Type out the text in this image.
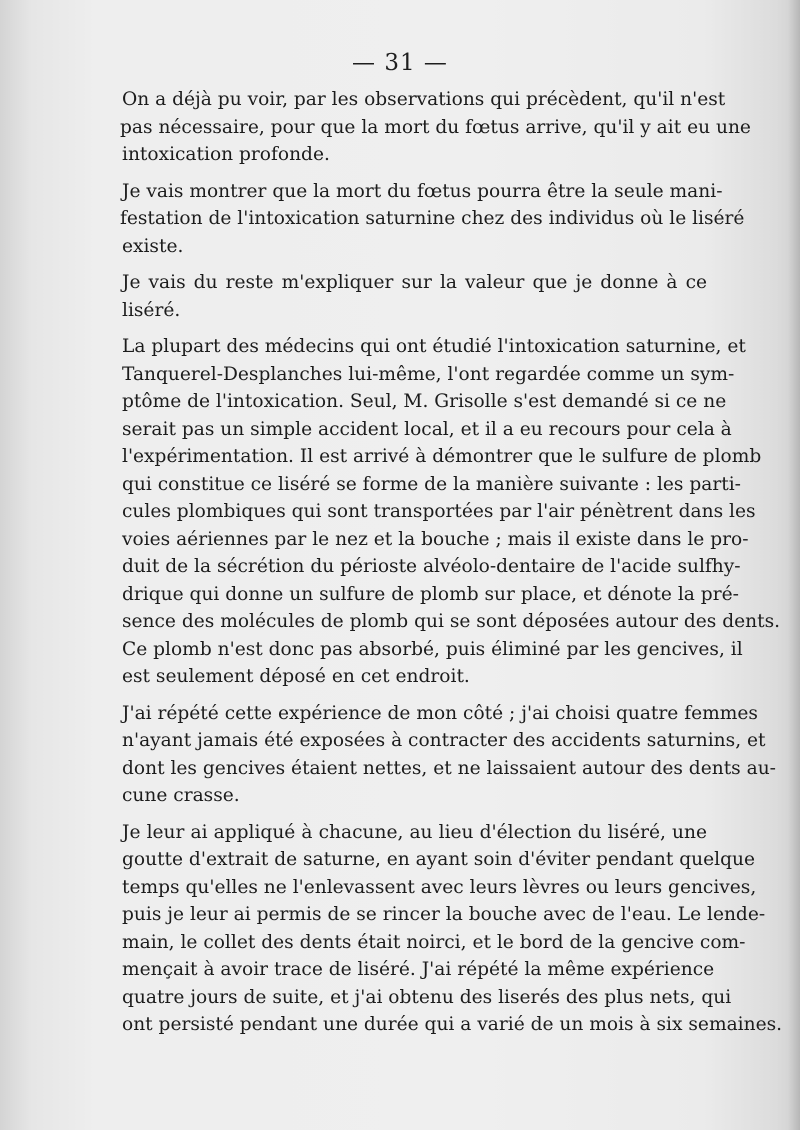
— 31 —

On a déjà pu voir, par les observations qui précèdent, qu'il n'est
pas nécessaire, pour que la mort du fœtus arrive, qu'il y ait eu une
intoxication profonde.

Je vais montrer que la mort du fœtus pourra être la seule mani-
festation de l'intoxication saturnine chez des individus où le liséré
existe.

Je vais du reste m'expliquer sur la valeur que je donne à ce
liséré.

La plupart des médecins qui ont étudié l'intoxication saturnine, et
Tanquerel-Desplanches lui-même, l'ont regardée comme un sym-
ptôme de l'intoxication. Seul, M. Grisolle s'est demandé si ce ne
serait pas un simple accident local, et il a eu recours pour cela à
l'expérimentation. Il est arrivé à démontrer que le sulfure de plomb
qui constitue ce liséré se forme de la manière suivante : les parti-
cules plombiques qui sont transportées par l'air pénètrent dans les
voies aériennes par le nez et la bouche ; mais il existe dans le pro-
duit de la sécrétion du périoste alvéolo-dentaire de l'acide sulfhy-
drique qui donne un sulfure de plomb sur place, et dénote la pré-
sence des molécules de plomb qui se sont déposées autour des dents.
Ce plomb n'est donc pas absorbé, puis éliminé par les gencives, il
est seulement déposé en cet endroit.

J'ai répété cette expérience de mon côté ; j'ai choisi quatre femmes
n'ayant jamais été exposées à contracter des accidents saturnins, et
dont les gencives étaient nettes, et ne laissaient autour des dents au-
cune crasse.

Je leur ai appliqué à chacune, au lieu d'élection du liséré, une
goutte d'extrait de saturne, en ayant soin d'éviter pendant quelque
temps qu'elles ne l'enlevassent avec leurs lèvres ou leurs gencives,
puis je leur ai permis de se rincer la bouche avec de l'eau. Le lende-
main, le collet des dents était noirci, et le bord de la gencive com-
mençait à avoir trace de liséré. J'ai répété la même expérience
quatre jours de suite, et j'ai obtenu des liserés des plus nets, qui
ont persisté pendant une durée qui a varié de un mois à six semaines.
